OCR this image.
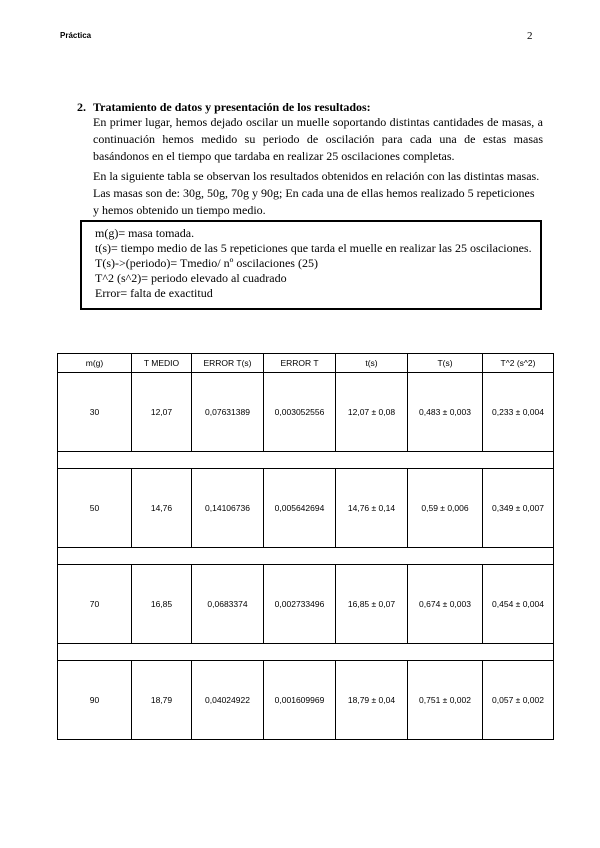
Práctica	2
2. Tratamiento de datos y presentación de los resultados:
En primer lugar, hemos dejado oscilar un muelle soportando distintas cantidades de masas, a continuación hemos medido su periodo de oscilación para cada una de estas masas basándonos en el tiempo que tardaba en realizar 25 oscilaciones completas.
En la siguiente tabla se observan los resultados obtenidos en relación con las distintas masas. Las masas son de: 30g, 50g, 70g y 90g; En cada una de ellas hemos realizado 5 repeticiones y hemos obtenido un tiempo medio.
m(g)= masa tomada.
t(s)= tiempo medio de las 5 repeticiones que tarda el muelle en realizar las 25 oscilaciones.
T(s)->(periodo)= Tmedio/ nº oscilaciones (25)
T^2 (s^2)= periodo elevado al cuadrado
Error= falta de exactitud
m(g)	T MEDIO	ERROR T(s)	ERROR T	t(s)	T(s)	T^2 (s^2)
30	12,07	0,07631389	0,003052556	12,07 ± 0,08	0,483 ± 0,003	0,233 ± 0,004

50	14,76	0,14106736	0,005642694	14,76 ± 0,14	0,59 ± 0,006	0,349 ± 0,007

70	16,85	0,0683374	0,002733496	16,85 ± 0,07	0,674 ± 0,003	0,454 ± 0,004

90	18,79	0,04024922	0,001609969	18,79 ± 0,04	0,751 ± 0,002	0,057 ± 0,002
